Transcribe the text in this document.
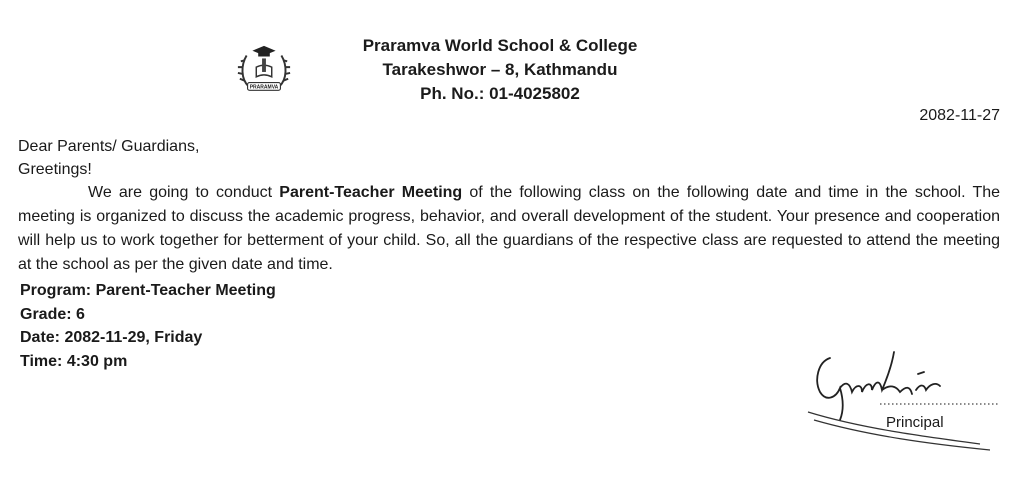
PRARAMVA
Praramva World School & College
Tarakeshwor – 8, Kathmandu
Ph. No.: 01-4025802
2082-11-27
Dear Parents/ Guardians,
Greetings!
We are going to conduct Parent-Teacher Meeting of the following class on the following date and time in the school. The meeting is organized to discuss the academic progress, behavior, and overall development of the student. Your presence and cooperation will help us to work together for betterment of your child. So, all the guardians of the respective class are requested to attend the meeting at the school as per the given date and time.
Program: Parent-Teacher Meeting
Grade: 6
Date: 2082-11-29, Friday
Time: 4:30 pm
Principal
